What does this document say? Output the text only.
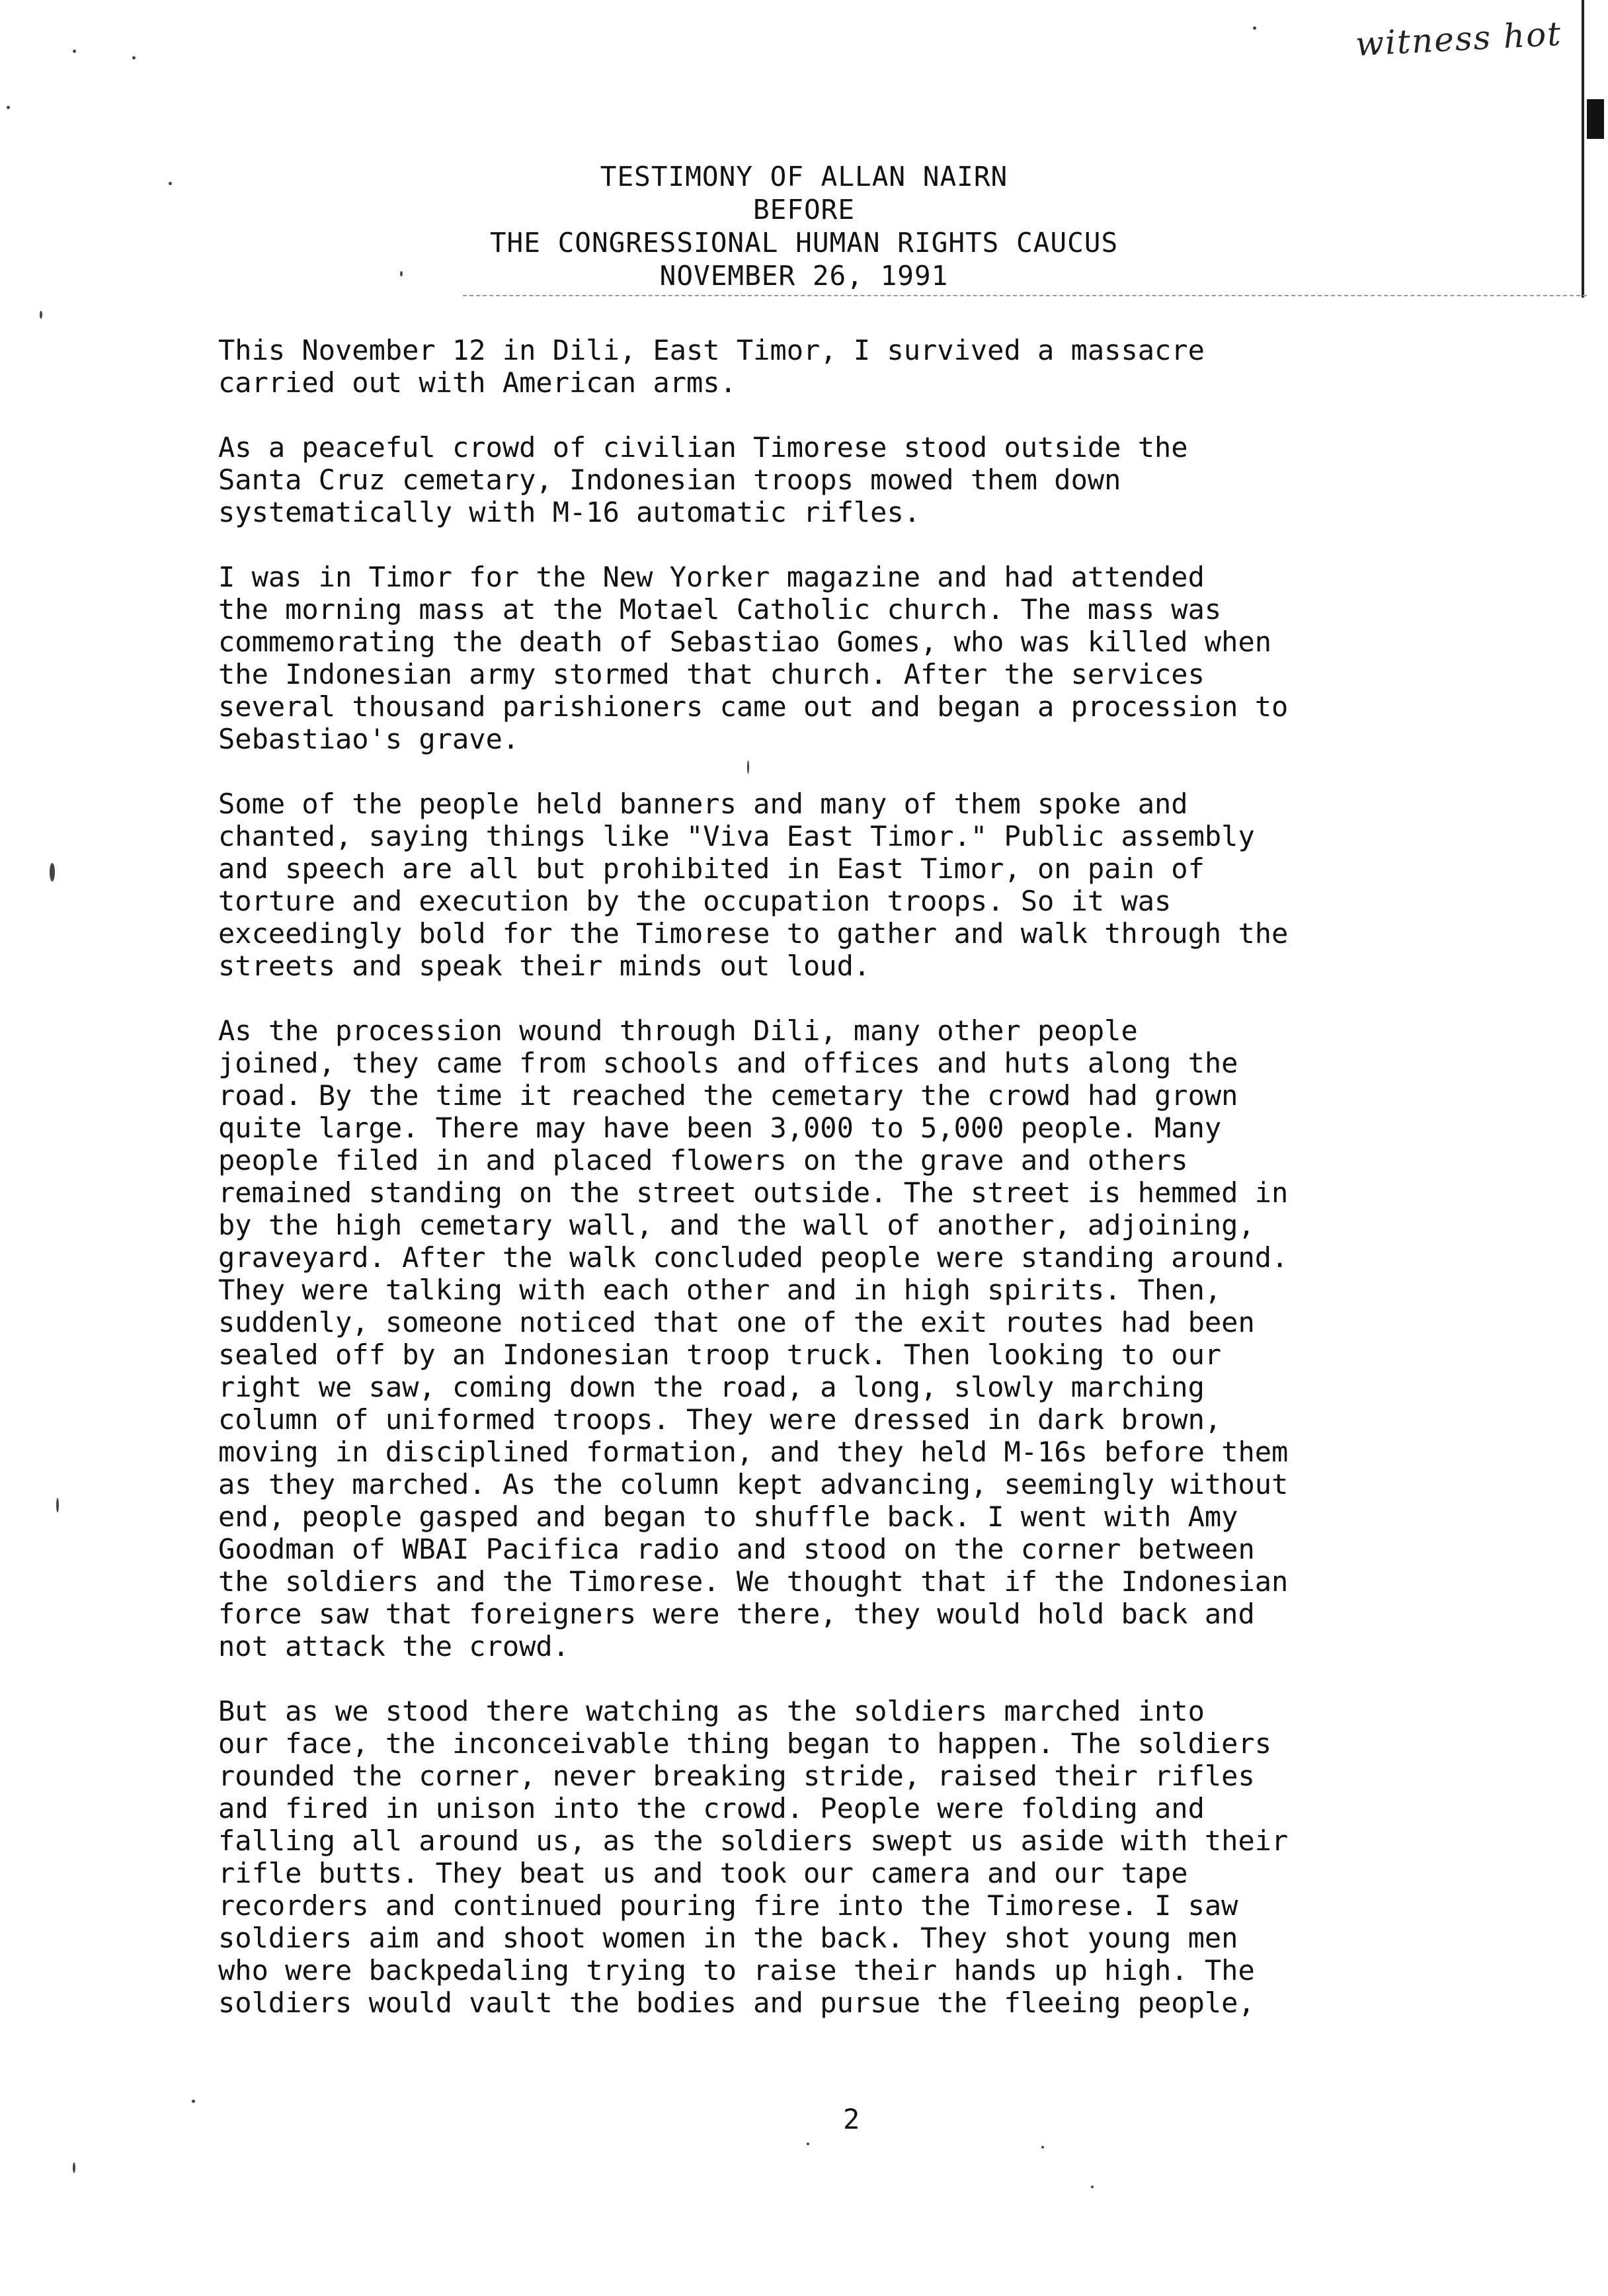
witness hot
TESTIMONY OF ALLAN NAIRN
BEFORE
THE CONGRESSIONAL HUMAN RIGHTS CAUCUS
NOVEMBER 26, 1991
This November 12 in Dili, East Timor, I survived a massacre
carried out with American arms.
As a peaceful crowd of civilian Timorese stood outside the
Santa Cruz cemetary, Indonesian troops mowed them down
systematically with M-16 automatic rifles.
I was in Timor for the New Yorker magazine and had attended
the morning mass at the Motael Catholic church. The mass was
commemorating the death of Sebastiao Gomes, who was killed when
the Indonesian army stormed that church. After the services
several thousand parishioners came out and began a procession to
Sebastiao's grave.
Some of the people held banners and many of them spoke and
chanted, saying things like "Viva East Timor." Public assembly
and speech are all but prohibited in East Timor, on pain of
torture and execution by the occupation troops. So it was
exceedingly bold for the Timorese to gather and walk through the
streets and speak their minds out loud.
As the procession wound through Dili, many other people
joined, they came from schools and offices and huts along the
road. By the time it reached the cemetary the crowd had grown
quite large. There may have been 3,000 to 5,000 people. Many
people filed in and placed flowers on the grave and others
remained standing on the street outside. The street is hemmed in
by the high cemetary wall, and the wall of another, adjoining,
graveyard. After the walk concluded people were standing around.
They were talking with each other and in high spirits. Then,
suddenly, someone noticed that one of the exit routes had been
sealed off by an Indonesian troop truck. Then looking to our
right we saw, coming down the road, a long, slowly marching
column of uniformed troops. They were dressed in dark brown,
moving in disciplined formation, and they held M-16s before them
as they marched. As the column kept advancing, seemingly without
end, people gasped and began to shuffle back. I went with Amy
Goodman of WBAI Pacifica radio and stood on the corner between
the soldiers and the Timorese. We thought that if the Indonesian
force saw that foreigners were there, they would hold back and
not attack the crowd.
But as we stood there watching as the soldiers marched into
our face, the inconceivable thing began to happen. The soldiers
rounded the corner, never breaking stride, raised their rifles
and fired in unison into the crowd. People were folding and
falling all around us, as the soldiers swept us aside with their
rifle butts. They beat us and took our camera and our tape
recorders and continued pouring fire into the Timorese. I saw
soldiers aim and shoot women in the back. They shot young men
who were backpedaling trying to raise their hands up high. The
soldiers would vault the bodies and pursue the fleeing people,
2
